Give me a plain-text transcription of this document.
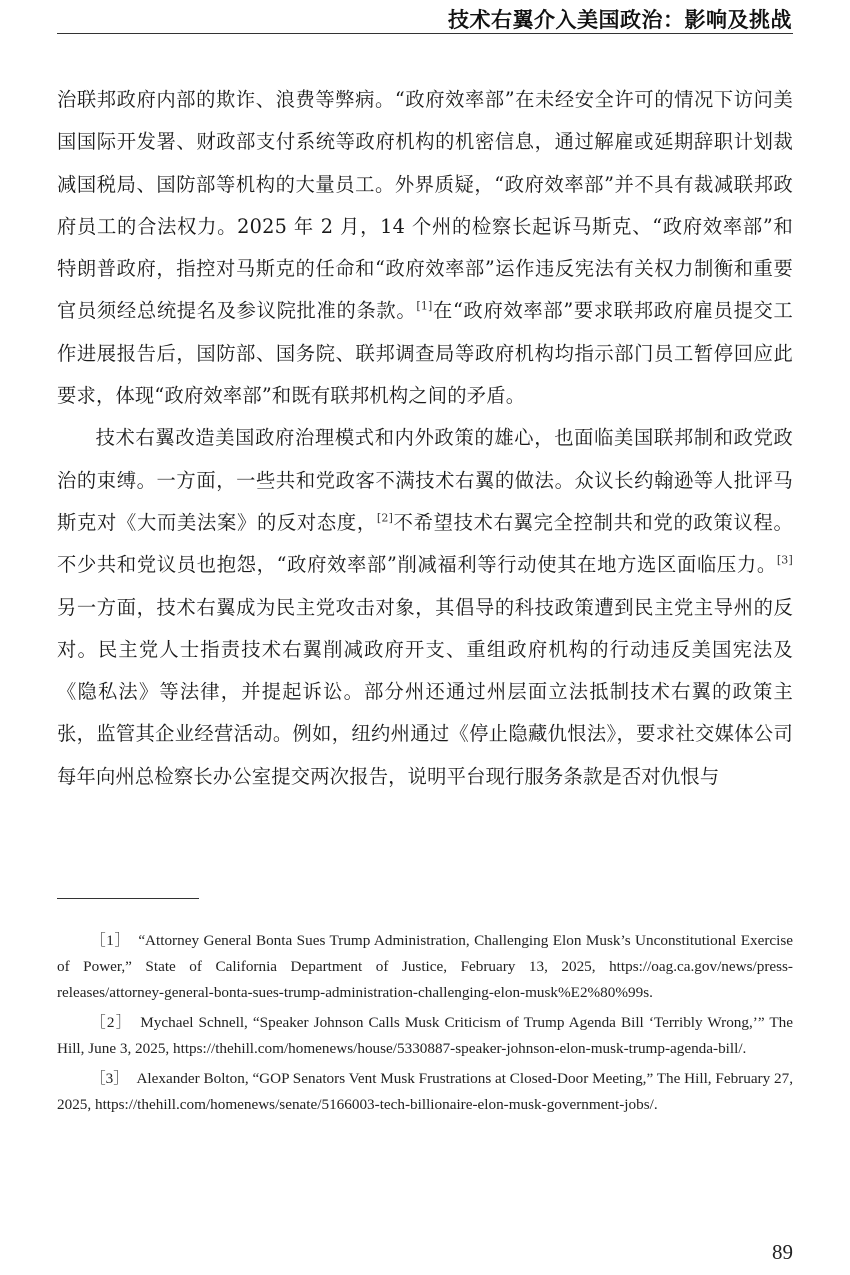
技术右翼介入美国政治：影响及挑战

治联邦政府内部的欺诈、浪费等弊病。“政府效率部”在未经安全许可的情况下访问美国国际开发署、财政部支付系统等政府机构的机密信息，通过解雇或延期辞职计划裁减国税局、国防部等机构的大量员工。外界质疑，“政府效率部”并不具有裁减联邦政府员工的合法权力。2025 年 2 月，14 个州的检察长起诉马斯克、“政府效率部”和特朗普政府，指控对马斯克的任命和“政府效率部”运作违反宪法有关权力制衡和重要官员须经总统提名及参议院批准的条款。[1]在“政府效率部”要求联邦政府雇员提交工作进展报告后，国防部、国务院、联邦调查局等政府机构均指示部门员工暂停回应此要求，体现“政府效率部”和既有联邦机构之间的矛盾。

技术右翼改造美国政府治理模式和内外政策的雄心，也面临美国联邦制和政党政治的束缚。一方面，一些共和党政客不满技术右翼的做法。众议长约翰逊等人批评马斯克对《大而美法案》的反对态度，[2]不希望技术右翼完全控制共和党的政策议程。不少共和党议员也抱怨，“政府效率部”削减福利等行动使其在地方选区面临压力。[3]另一方面，技术右翼成为民主党攻击对象，其倡导的科技政策遭到民主党主导州的反对。民主党人士指责技术右翼削减政府开支、重组政府机构的行动违反美国宪法及《隐私法》等法律，并提起诉讼。部分州还通过州层面立法抵制技术右翼的政策主张，监管其企业经营活动。例如，纽约州通过《停止隐藏仇恨法》，要求社交媒体公司每年向州总检察长办公室提交两次报告，说明平台现行服务条款是否对仇恨与

［1］ “Attorney General Bonta Sues Trump Administration, Challenging Elon Musk’s Unconstitutional Exercise of Power,” State of California Department of Justice, February 13, 2025, https://oag.ca.gov/news/press-releases/attorney-general-bonta-sues-trump-administration-challenging-elon-musk%E2%80%99s.

［2］ Mychael Schnell, “Speaker Johnson Calls Musk Criticism of Trump Agenda Bill ‘Terribly Wrong,’” The Hill, June 3, 2025, https://thehill.com/homenews/house/5330887-speaker-johnson-elon-musk-trump-agenda-bill/.

［3］ Alexander Bolton, “GOP Senators Vent Musk Frustrations at Closed-Door Meeting,” The Hill, February 27, 2025, https://thehill.com/homenews/senate/5166003-tech-billionaire-elon-musk-government-jobs/.

89
